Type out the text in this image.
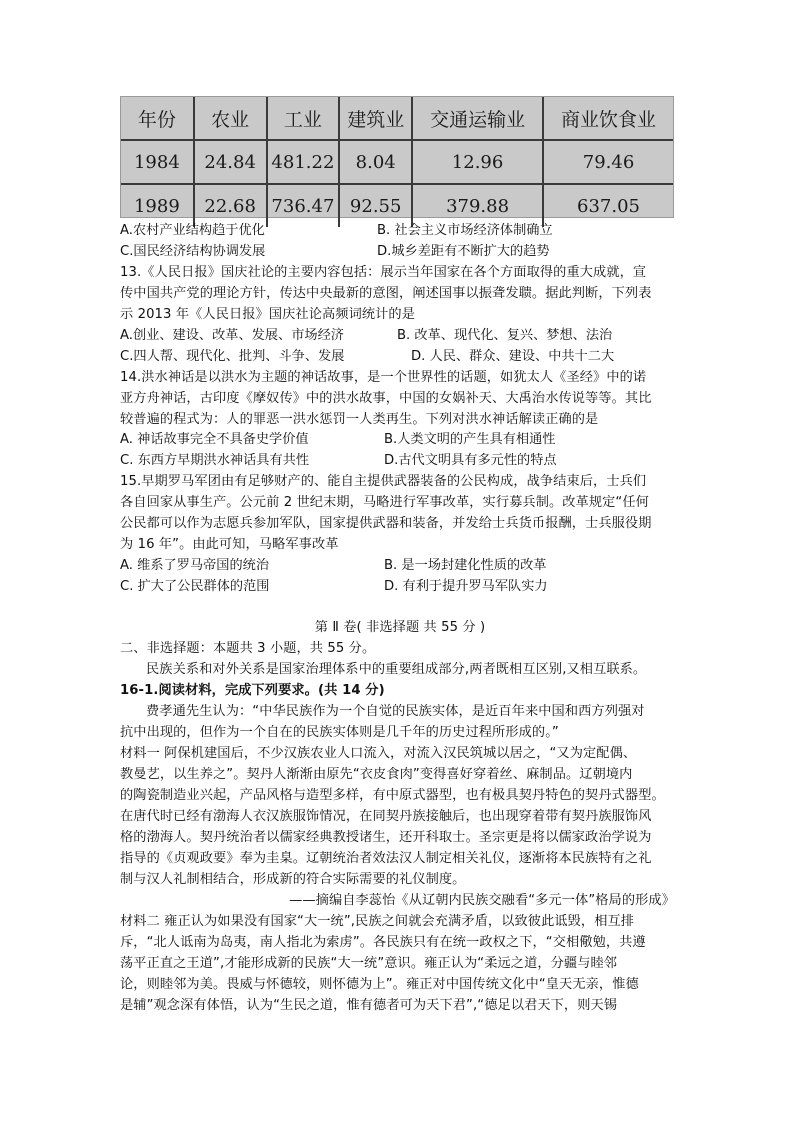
年份	农业	工业	建筑业	交通运输业	商业饮食业
1984	24.84	481.22	8.04	12.96	79.46
1989	22.68	736.47	92.55	379.88	637.05
A.农村产业结构趋于优化	B. 社会主义市场经济体制确立
C.国民经济结构协调发展	D.城乡差距有不断扩大的趋势
13.《人民日报》国庆社论的主要内容包括：展示当年国家在各个方面取得的重大成就，宣
传中国共产党的理论方针，传达中央最新的意图，阐述国事以振聋发聩。据此判断，下列表
示 2013 年《人民日报》国庆社论高频词统计的是
A.创业、建设、改革、发展、市场经济	B. 改革、现代化、复兴、梦想、法治
C.四人帮、现代化、批判、斗争、发展	D. 人民、群众、建设、中共十二大
14.洪水神话是以洪水为主题的神话故事，是一个世界性的话题，如犹太人《圣经》中的诺
亚方舟神话，古印度《摩奴传》中的洪水故事，中国的女娲补天、大禹治水传说等等。其比
较普遍的程式为：人的罪恶一洪水惩罚一人类再生。下列对洪水神话解读正确的是
A. 神话故事完全不具备史学价值	B.人类文明的产生具有相通性
C. 东西方早期洪水神话具有共性	D.古代文明具有多元性的特点
15.早期罗马军团由有足够财产的、能自主提供武器装备的公民构成，战争结束后，士兵们
各自回家从事生产。公元前 2 世纪末期，马略进行军事改革，实行募兵制。改革规定“任何
公民都可以作为志愿兵参加军队，国家提供武器和装备，并发给士兵货币报酬，士兵服役期
为 16 年”。由此可知，马略军事改革
A. 维系了罗马帝国的统治	B. 是一场封建化性质的改革
C. 扩大了公民群体的范围	D. 有利于提升罗马军队实力
第 Ⅱ 卷( 非选择题 共 55 分 )
二、非选择题：本题共 3 小题，共 55 分。
民族关系和对外关系是国家治理体系中的重要组成部分,两者既相互区别,又相互联系。
16-1.阅读材料，完成下列要求。(共 14 分)
费孝通先生认为：“中华民族作为一个自觉的民族实体，是近百年来中国和西方列强对
抗中出现的，但作为一个自在的民族实体则是几千年的历史过程所形成的。”
材料一 阿保机建国后，不少汉族农业人口流入，对流入汉民筑城以居之，“又为定配偶、
教曼艺，以生养之”。契丹人渐渐由原先“衣皮食肉”变得喜好穿着丝、麻制品。辽朝境内
的陶瓷制造业兴起，产品风格与造型多样，有中原式器型，也有极具契丹特色的契丹式器型。
在唐代时已经有渤海人衣汉族服饰情况，在同契丹族接触后，也出现穿着带有契丹族服饰风
格的渤海人。契丹统治者以儒家经典教授诸生，还开科取士。圣宗更是将以儒家政治学说为
指导的《贞观政要》奉为圭臬。辽朝统治者效法汉人制定相关礼仪，逐渐将本民族特有之礼
制与汉人礼制相结合，形成新的符合实际需要的礼仪制度。
——摘编自李蕊怡《从辽朝内民族交融看“多元一体”格局的形成》
材料二 雍正认为如果没有国家“大一统”,民族之间就会充满矛盾，以致彼此诋毁，相互排
斥，“北人诋南为岛夷，南人指北为索虏”。各民族只有在统一政权之下，“交相儆勉，共遵
荡平正直之王道”,才能形成新的民族“大一统”意识。雍正认为“柔远之道，分疆与睦邻
论，则睦邻为美。畏威与怀德较，则怀德为上”。雍正对中国传统文化中“皇天无亲，惟德
是辅”观念深有体悟，认为“生民之道，惟有德者可为天下君”,“德足以君天下，则天锡
